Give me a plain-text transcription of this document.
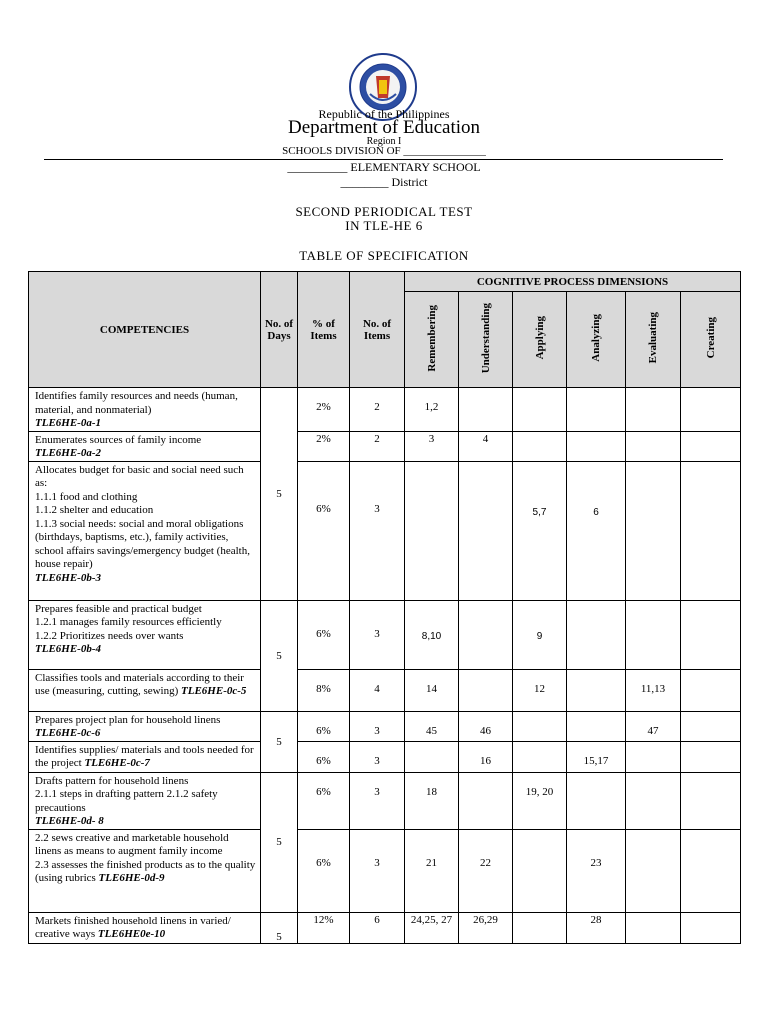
Republic of the Philippines
Department of Education
Region I
SCHOOLS DIVISION OF _______________
__________ ELEMENTARY SCHOOL
________ District
SECOND PERIODICAL TEST
IN TLE-HE 6
TABLE OF SPECIFICATION
COMPETENCIES	No. of Days	% of Items	No. of Items	COGNITIVE PROCESS DIMENSIONS					
				Remembering	Understanding	Applying	Analyzing	Evaluating	Creating
Identifies family resources and needs (human, material, and nonmaterial)
TLE6HE-0a-1	5	2%	2	1,2					
Enumerates sources of family income
TLE6HE-0a-2		2%	2	3	4				
Allocates budget for basic and social need such as:
1.1.1 food and clothing
1.1.2 shelter and education
1.1.3 social needs: social and moral obligations (birthdays, baptisms, etc.), family activities, school affairs savings/emergency budget (health, house repair)
TLE6HE-0b-3		6%	3			5,7	6		
Prepares feasible and practical budget
1.2.1 manages family resources efficiently
1.2.2 Prioritizes needs over wants
TLE6HE-0b-4	5	6%	3	8,10		9			
Classifies tools and materials according to their use (measuring, cutting, sewing) TLE6HE-0c-5		8%	4	14		12		11,13	
Prepares project plan for household linens TLE6HE-0c-6	5	6%	3	45	46			47	
Identifies supplies/ materials and tools needed for the project TLE6HE-0c-7		6%	3		16		15,17		
Drafts pattern for household linens
2.1.1 steps in drafting pattern 2.1.2 safety precautions
TLE6HE-0d- 8	5	6%	3	18		19, 20			
2.2 sews creative and marketable household linens as means to augment family income
2.3 assesses the finished products as to the quality (using rubrics TLE6HE-0d-9		6%	3	21	22		23		
Markets finished household linens in varied/ creative ways TLE6HE0e-10	5	12%	6	24,25, 27	26,29		28		
